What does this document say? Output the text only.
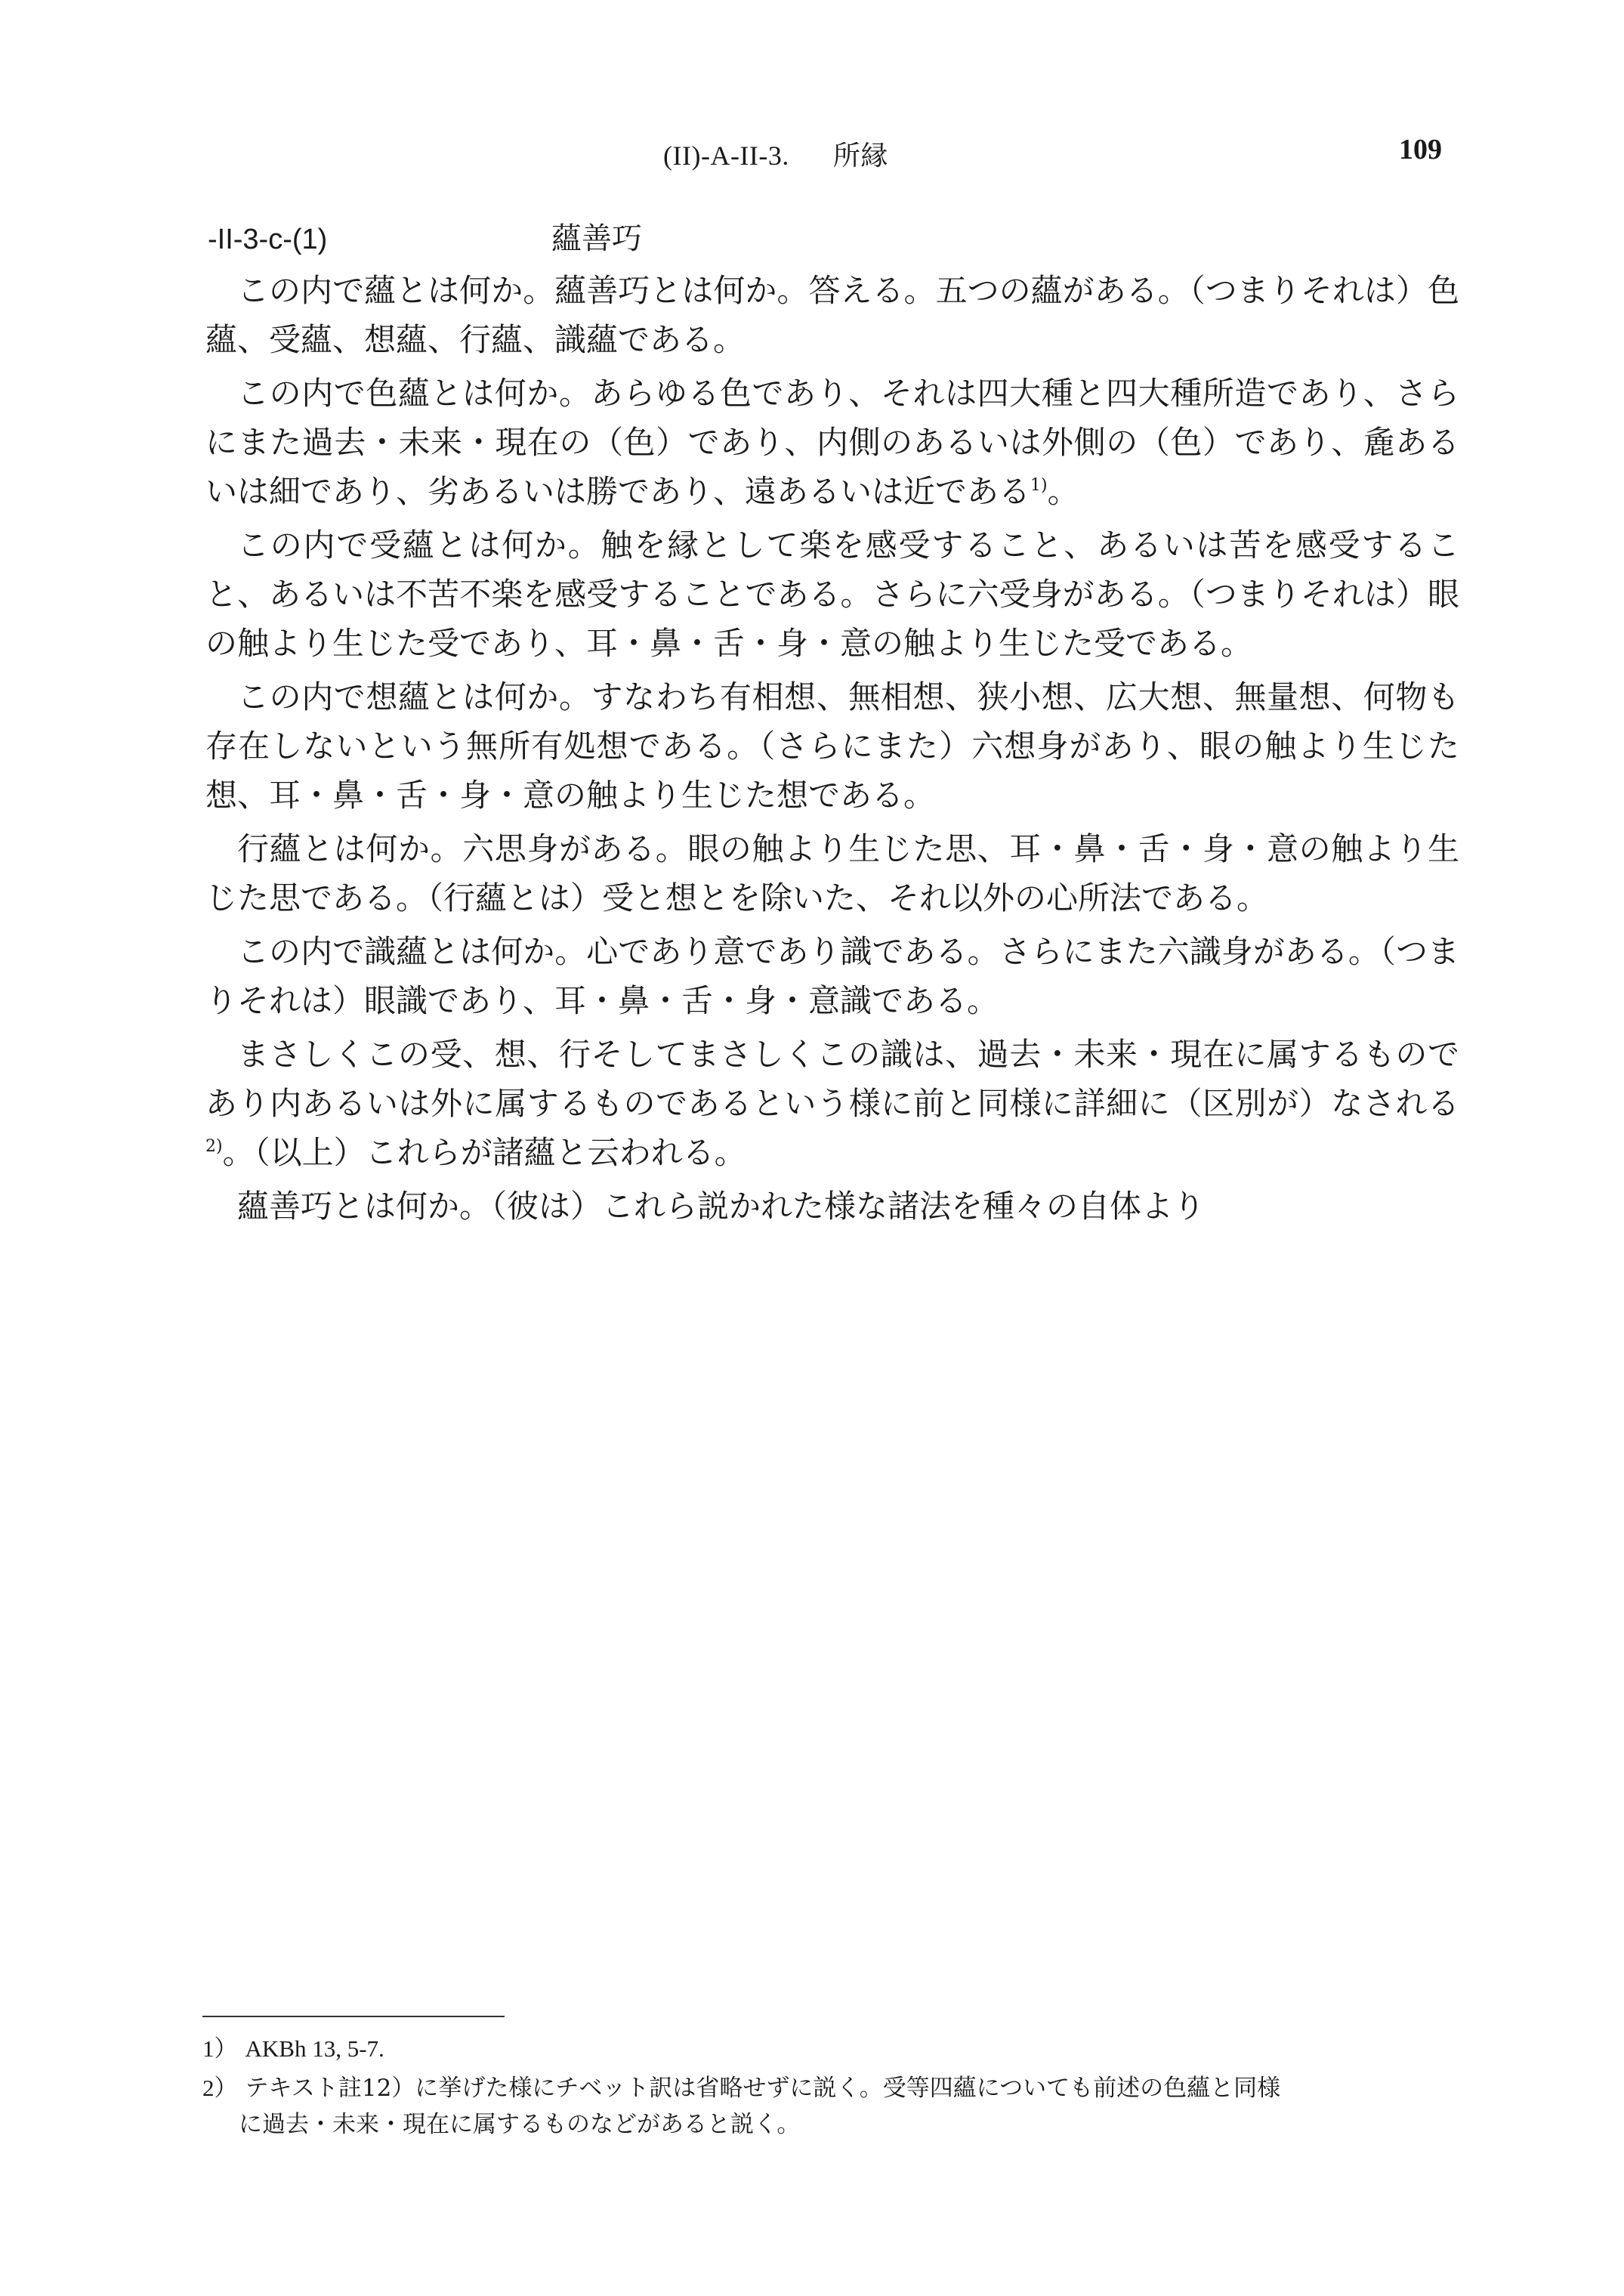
(II)-A-II-3. 所縁	109
-II-3-c-(1)	蘊善巧

この内で蘊とは何か。蘊善巧とは何か。答える。五つの蘊がある。（つまりそれは）色蘊、受蘊、想蘊、行蘊、識蘊である。

この内で色蘊とは何か。あらゆる色であり、それは四大種と四大種所造であり、さらにまた過去・未来・現在の（色）であり、内側のあるいは外側の（色）であり、麁あるいは細であり、劣あるいは勝であり、遠あるいは近である$^{1)}$。

この内で受蘊とは何か。触を縁として楽を感受すること、あるいは苦を感受すること、あるいは不苦不楽を感受することである。さらに六受身がある。（つまりそれは）眼の触より生じた受であり、耳・鼻・舌・身・意の触より生じた受である。

この内で想蘊とは何か。すなわち有相想、無相想、狭小想、広大想、無量想、何物も存在しないという無所有処想である。（さらにまた）六想身があり、眼の触より生じた想、耳・鼻・舌・身・意の触より生じた想である。

行蘊とは何か。六思身がある。眼の触より生じた思、耳・鼻・舌・身・意の触より生じた思である。（行蘊とは）受と想とを除いた、それ以外の心所法である。

この内で識蘊とは何か。心であり意であり識である。さらにまた六識身がある。（つまりそれは）眼識であり、耳・鼻・舌・身・意識である。

まさしくこの受、想、行そしてまさしくこの識は、過去・未来・現在に属するものであり内あるいは外に属するものであるという様に前と同様に詳細に（区別が）なされる$^{2)}$。（以上）これらが諸蘊と云われる。

蘊善巧とは何か。（彼は）これら説かれた様な諸法を種々の自体より

1） AKBh 13, 5-7.
2） テキスト註12）に挙げた様にチベット訳は省略せずに説く。受等四蘊についても前述の色蘊と同様
に過去・未来・現在に属するものなどがあると説く。
